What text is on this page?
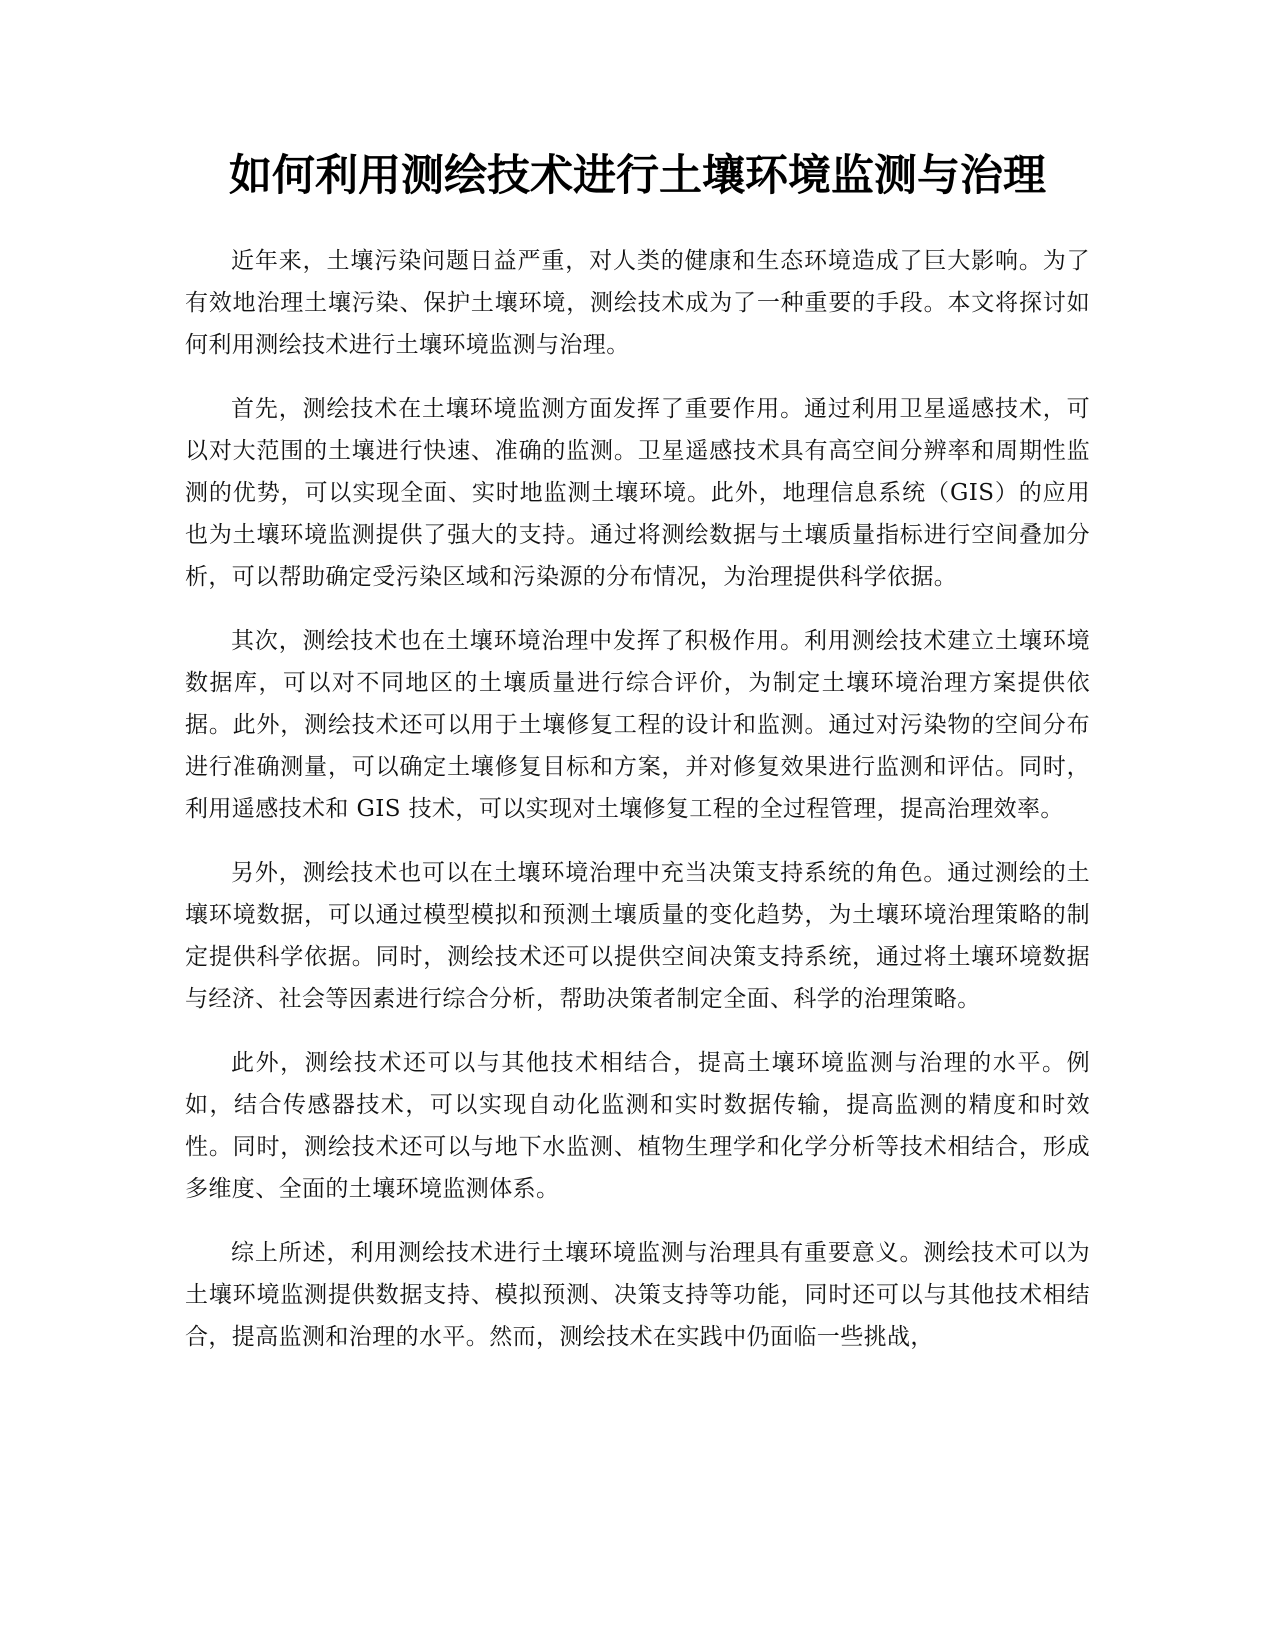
如何利用测绘技术进行土壤环境监测与治理

近年来，土壤污染问题日益严重，对人类的健康和生态环境造成了巨大影响。为了有效地治理土壤污染、保护土壤环境，测绘技术成为了一种重要的手段。本文将探讨如何利用测绘技术进行土壤环境监测与治理。

首先，测绘技术在土壤环境监测方面发挥了重要作用。通过利用卫星遥感技术，可以对大范围的土壤进行快速、准确的监测。卫星遥感技术具有高空间分辨率和周期性监测的优势，可以实现全面、实时地监测土壤环境。此外，地理信息系统（GIS）的应用也为土壤环境监测提供了强大的支持。通过将测绘数据与土壤质量指标进行空间叠加分析，可以帮助确定受污染区域和污染源的分布情况，为治理提供科学依据。

其次，测绘技术也在土壤环境治理中发挥了积极作用。利用测绘技术建立土壤环境数据库，可以对不同地区的土壤质量进行综合评价，为制定土壤环境治理方案提供依据。此外，测绘技术还可以用于土壤修复工程的设计和监测。通过对污染物的空间分布进行准确测量，可以确定土壤修复目标和方案，并对修复效果进行监测和评估。同时，利用遥感技术和 GIS 技术，可以实现对土壤修复工程的全过程管理，提高治理效率。

另外，测绘技术也可以在土壤环境治理中充当决策支持系统的角色。通过测绘的土壤环境数据，可以通过模型模拟和预测土壤质量的变化趋势，为土壤环境治理策略的制定提供科学依据。同时，测绘技术还可以提供空间决策支持系统，通过将土壤环境数据与经济、社会等因素进行综合分析，帮助决策者制定全面、科学的治理策略。

此外，测绘技术还可以与其他技术相结合，提高土壤环境监测与治理的水平。例如，结合传感器技术，可以实现自动化监测和实时数据传输，提高监测的精度和时效性。同时，测绘技术还可以与地下水监测、植物生理学和化学分析等技术相结合，形成多维度、全面的土壤环境监测体系。

综上所述，利用测绘技术进行土壤环境监测与治理具有重要意义。测绘技术可以为土壤环境监测提供数据支持、模拟预测、决策支持等功能，同时还可以与其他技术相结合，提高监测和治理的水平。然而，测绘技术在实践中仍面临一些挑战，
